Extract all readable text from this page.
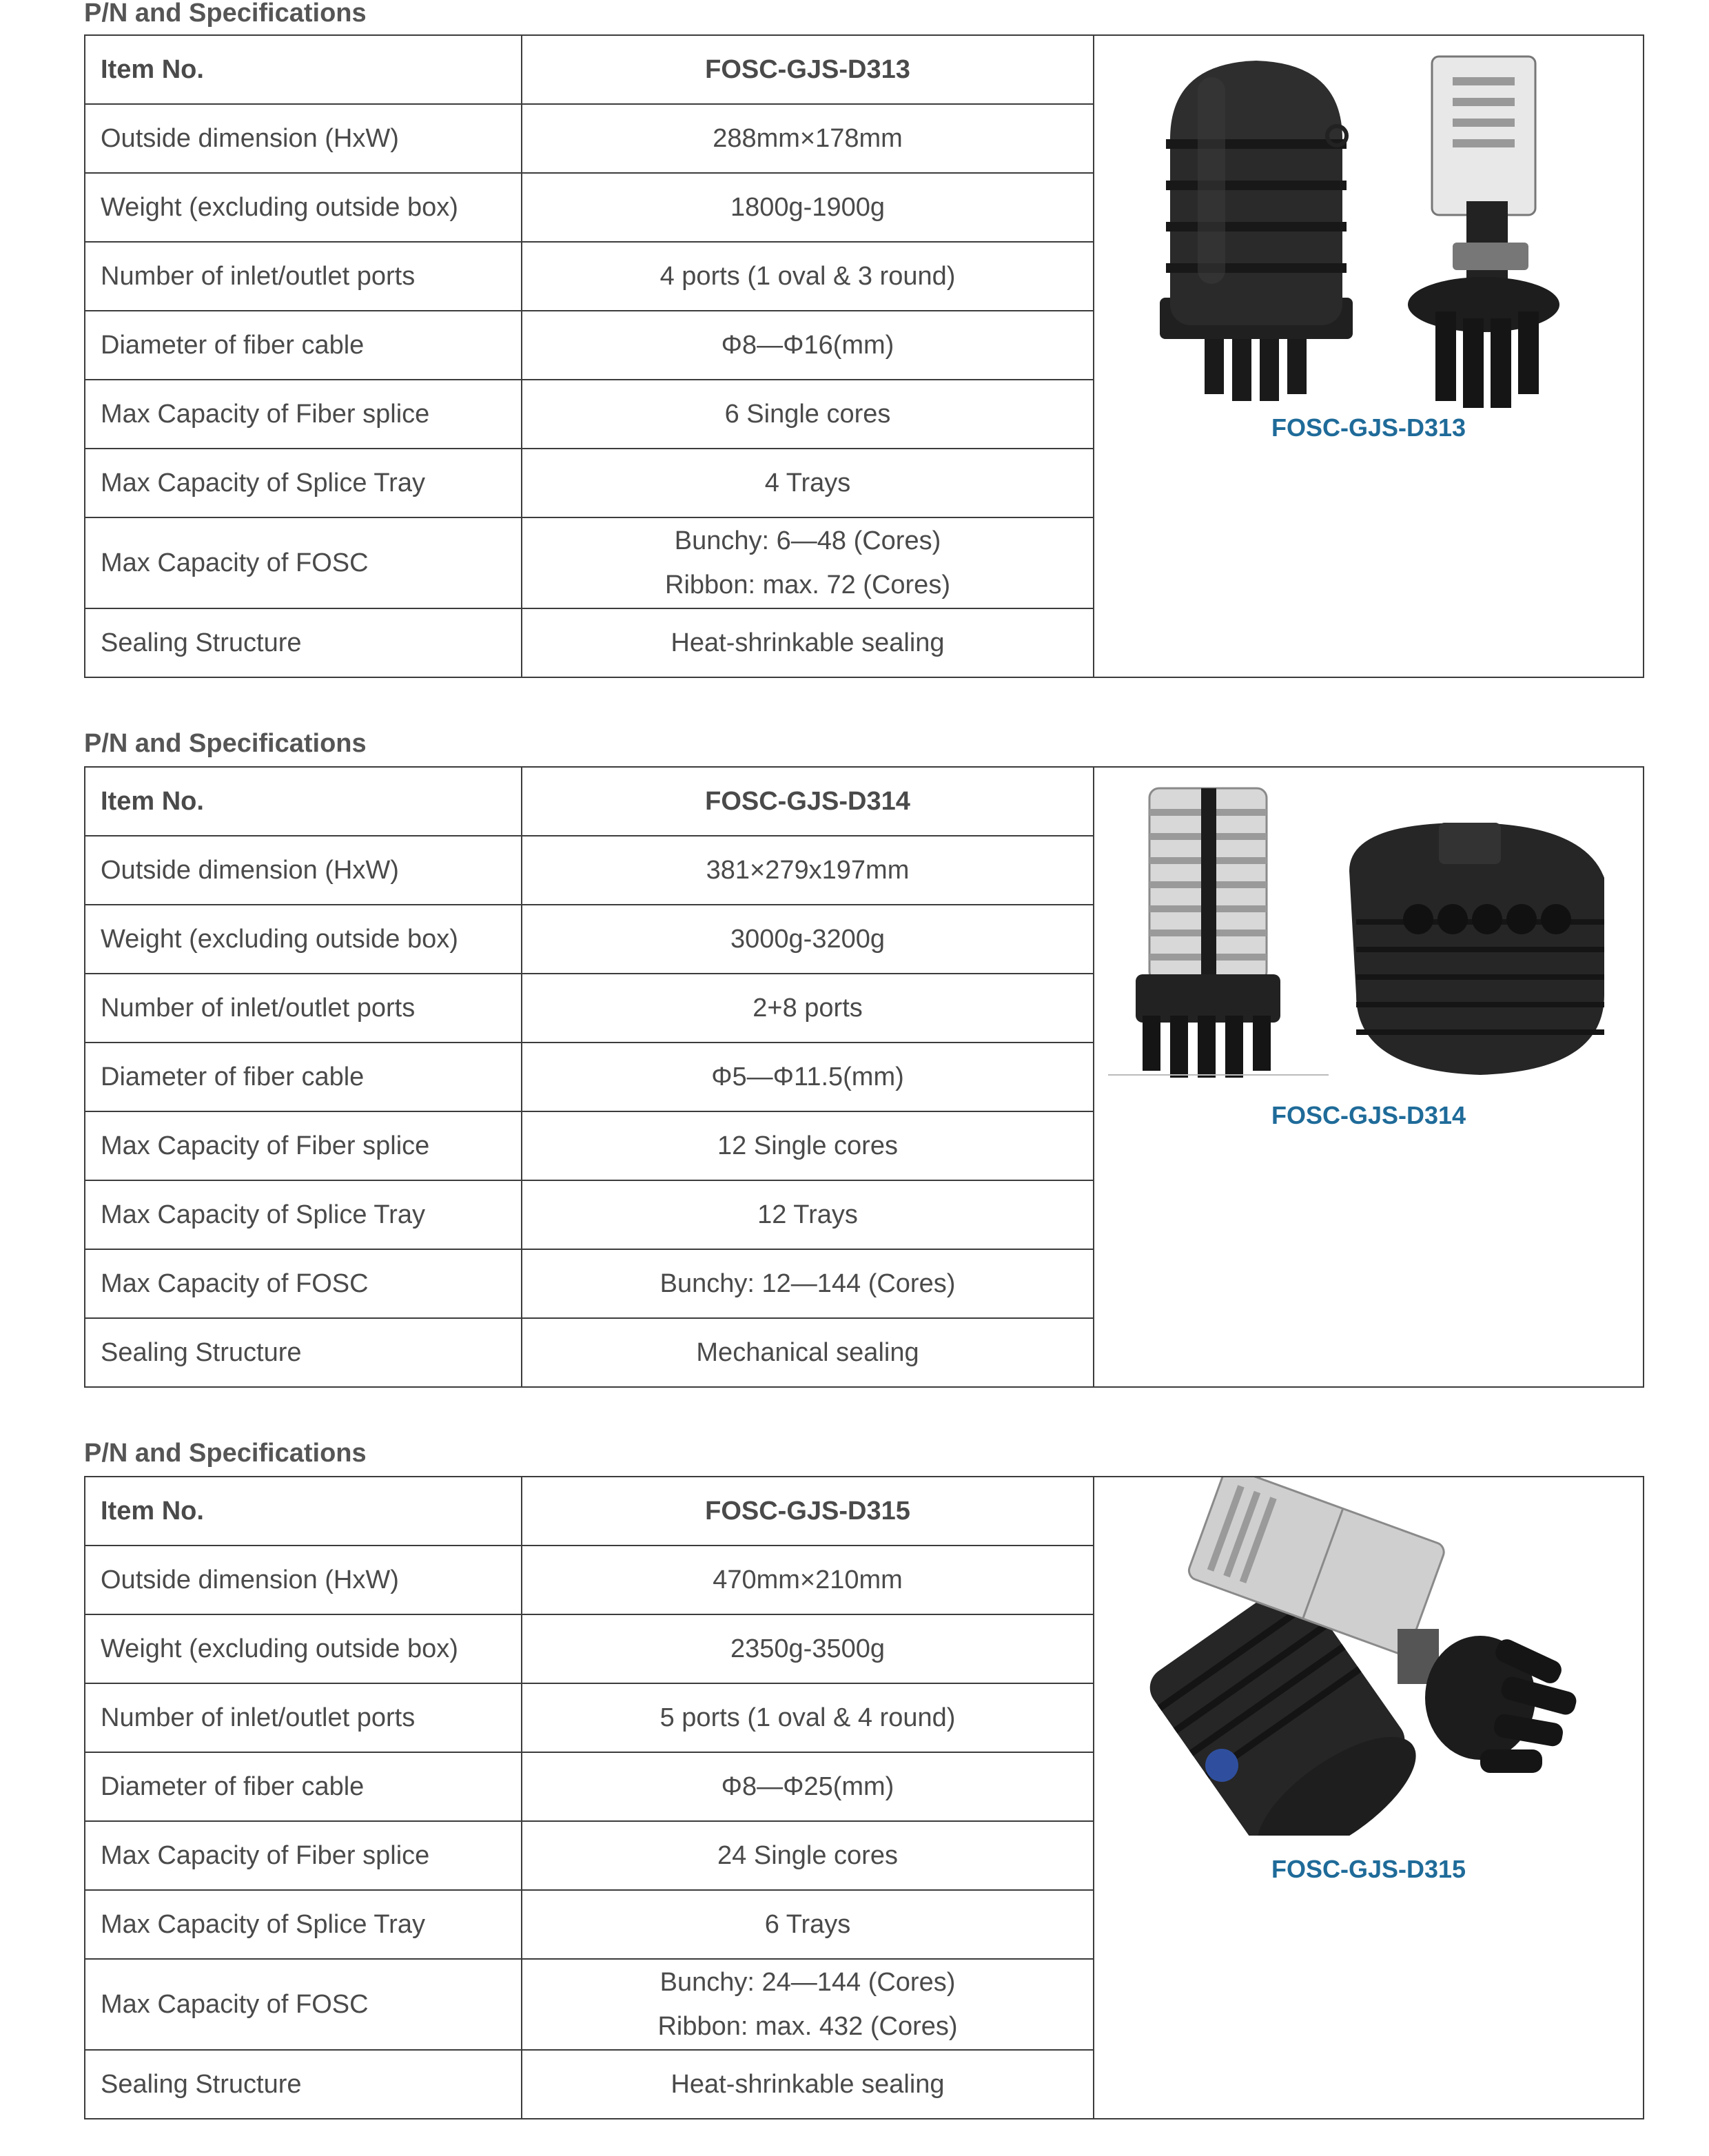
P/N and Specifications
Item No.	FOSC-GJS-D313	FOSC-GJS-D313

Outside dimension (HxW)	288mm×178mm	

Weight (excluding outside box)	1800g-1900g	

Number of inlet/outlet ports	4 ports (1 oval & 3 round)	

Diameter of fiber cable	Φ8—Φ16(mm)	

Max Capacity of Fiber splice	6 Single cores	

Max Capacity of Splice Tray	4 Trays	

Max Capacity of FOSC	Bunchy: 6—48 (Cores)
Ribbon: max. 72 (Cores)	

Sealing Structure	Heat-shrinkable sealing	
P/N and Specifications
Item No.	FOSC-GJS-D314	FOSC-GJS-D314

Outside dimension (HxW)	381×279x197mm	

Weight (excluding outside box)	3000g-3200g	

Number of inlet/outlet ports	2+8 ports	

Diameter of fiber cable	Φ5—Φ11.5(mm)	

Max Capacity of Fiber splice	12 Single cores	

Max Capacity of Splice Tray	12 Trays	

Max Capacity of FOSC	Bunchy: 12—144 (Cores)	

Sealing Structure	Mechanical sealing	
P/N and Specifications
Item No.	FOSC-GJS-D315	FOSC-GJS-D315

Outside dimension (HxW)	470mm×210mm	

Weight (excluding outside box)	2350g-3500g	

Number of inlet/outlet ports	5 ports (1 oval & 4 round)	

Diameter of fiber cable	Φ8—Φ25(mm)	

Max Capacity of Fiber splice	24 Single cores	

Max Capacity of Splice Tray	6 Trays	

Max Capacity of FOSC	Bunchy: 24—144 (Cores)
Ribbon: max. 432 (Cores)	

Sealing Structure	Heat-shrinkable sealing	
